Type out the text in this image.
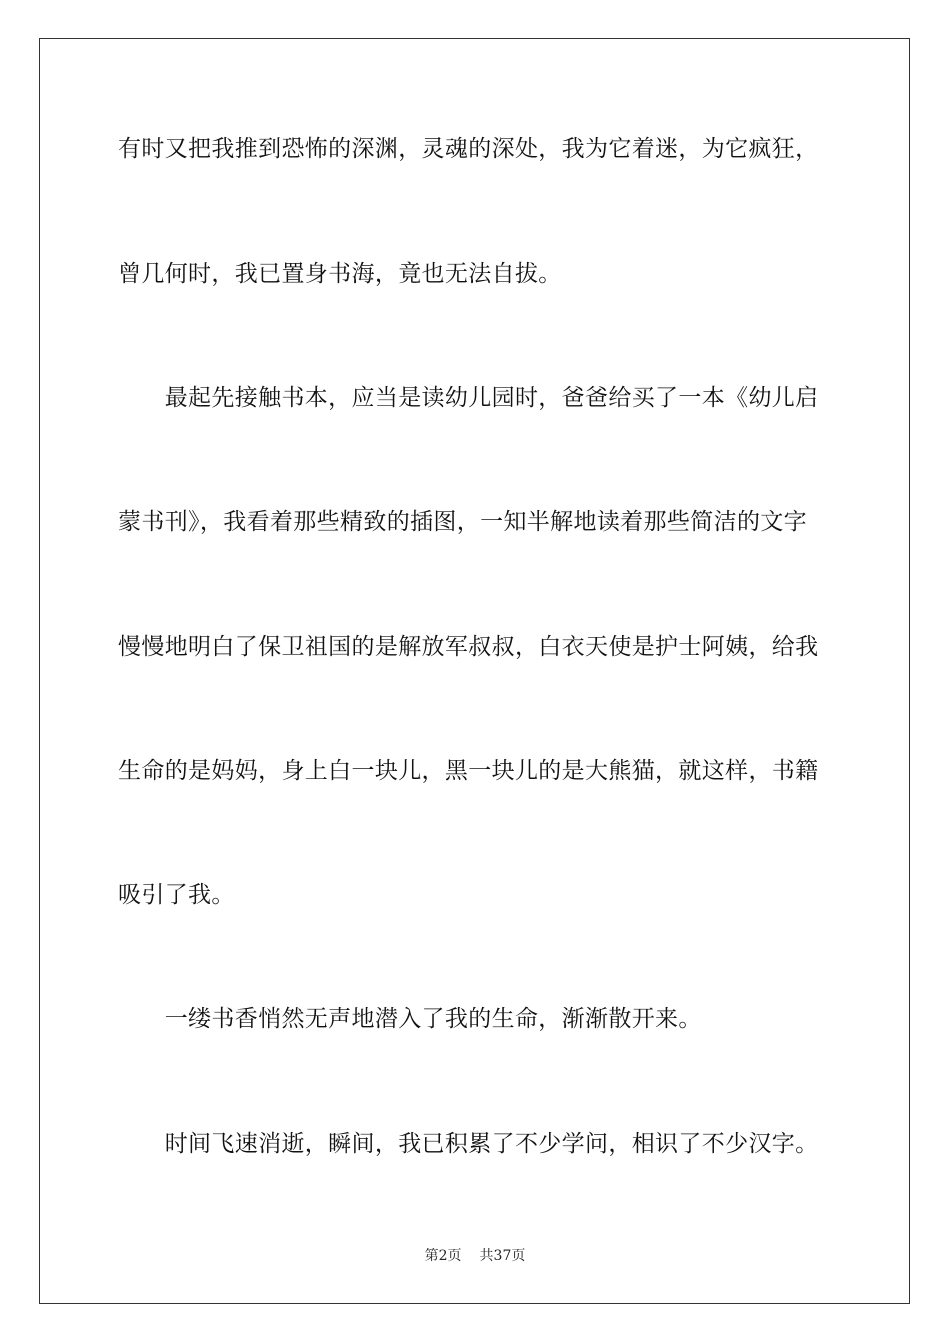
有时又把我推到恐怖的深渊，灵魂的深处，我为它着迷，为它疯狂，
曾几何时，我已置身书海，竟也无法自拔。
　　最起先接触书本，应当是读幼儿园时，爸爸给买了一本《幼儿启
蒙书刊》，我看着那些精致的插图，一知半解地读着那些简洁的文字
慢慢地明白了保卫祖国的是解放军叔叔，白衣天使是护士阿姨，给我
生命的是妈妈，身上白一块儿，黑一块儿的是大熊猫，就这样，书籍
吸引了我。
　　一缕书香悄然无声地潜入了我的生命，渐渐散开来。
　　时间飞速消逝，瞬间，我已积累了不少学问，相识了不少汉字。
第2页 共37页
